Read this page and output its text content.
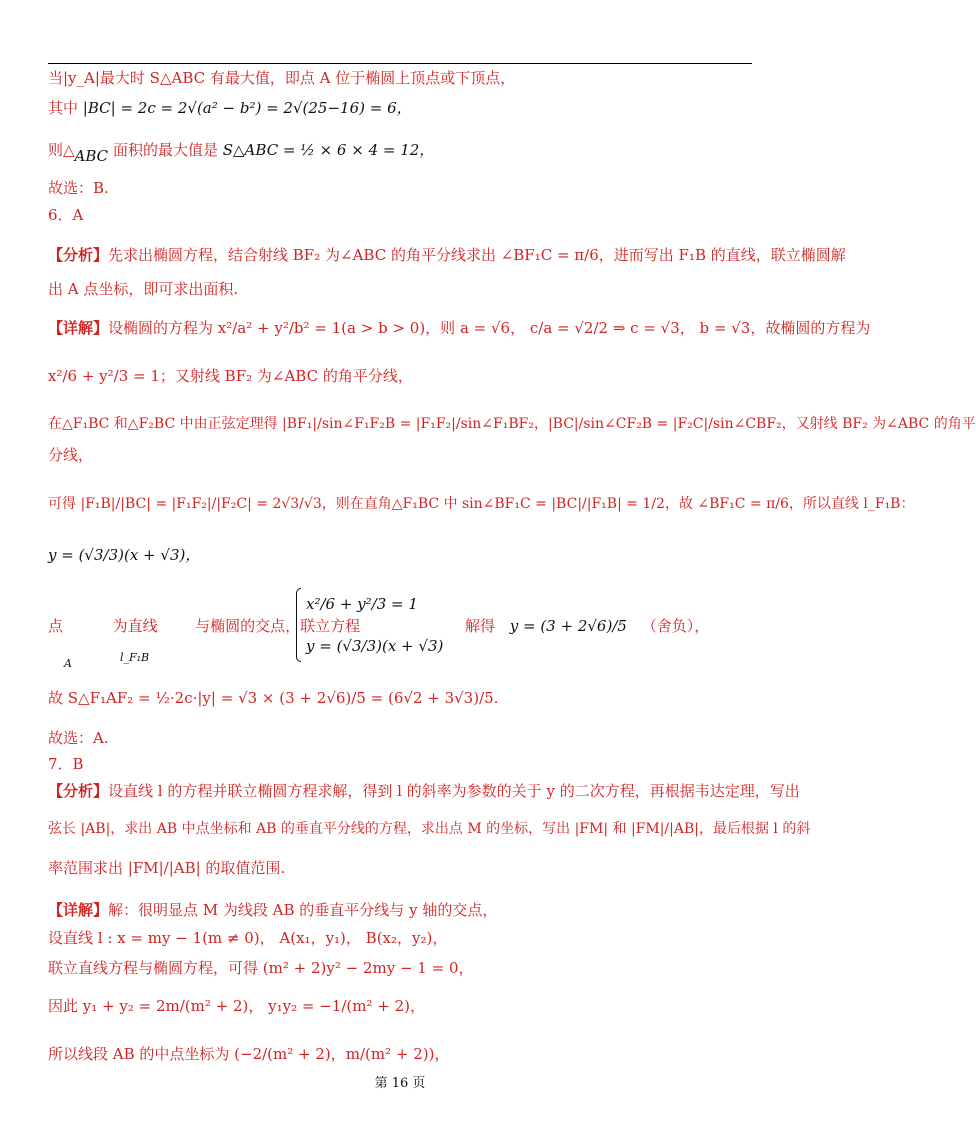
当|y_A|最大时 S△ABC 有最大值，即点 A 位于椭圆上顶点或下顶点，
其中 |BC| = 2c = 2√(a² − b²) = 2√(25−16) = 6，
则△ABC 面积的最大值是 S△ABC = ½ × 6 × 4 = 12，
故选：B.
6．A
【分析】先求出椭圆方程，结合射线 BF₂ 为∠ABC 的角平分线求出 ∠BF₁C = π/6，进而写出 F₁B 的直线，联立椭圆解
出 A 点坐标，即可求出面积.
【详解】设椭圆的方程为 x²/a² + y²/b² = 1(a > b > 0)，则 a = √6， c/a = √2/2 ⇒ c = √3， b = √3，故椭圆的方程为
x²/6 + y²/3 = 1；又射线 BF₂ 为∠ABC 的角平分线，
在△F₁BC 和△F₂BC 中由正弦定理得 |BF₁|/sin∠F₁F₂B = |F₁F₂|/sin∠F₁BF₂，|BC|/sin∠CF₂B = |F₂C|/sin∠CBF₂，又射线 BF₂ 为∠ABC 的角平
分线，
可得 |F₁B|/|BC| = |F₁F₂|/|F₂C| = 2√3/√3，则在直角△F₁BC 中 sin∠BF₁C = |BC|/|F₁B| = 1/2，故 ∠BF₁C = π/6，所以直线 l_F₁B：
y = (√3/3)(x + √3)，
点	为直线	与椭圆的交点，联立方程	解得 y = (3 + 2√6)/5 （舍负），
A	l_F₁B
x²/6 + y²/3 = 1
y = (√3/3)(x + √3)
故 S△F₁AF₂ = ½·2c·|y| = √3 × (3 + 2√6)/5 = (6√2 + 3√3)/5.
故选：A.
7．B
【分析】设直线 l 的方程并联立椭圆方程求解，得到 l 的斜率为参数的关于 y 的二次方程，再根据韦达定理，写出
弦长 |AB|，求出 AB 中点坐标和 AB 的垂直平分线的方程，求出点 M 的坐标，写出 |FM| 和 |FM|/|AB|，最后根据 l 的斜
率范围求出 |FM|/|AB| 的取值范围.
【详解】解：很明显点 M 为线段 AB 的垂直平分线与 y 轴的交点，
设直线 l : x = my − 1(m ≠ 0)， A(x₁，y₁)， B(x₂，y₂)，
联立直线方程与椭圆方程，可得 (m² + 2)y² − 2my − 1 = 0，
因此 y₁ + y₂ = 2m/(m² + 2)， y₁y₂ = −1/(m² + 2)，
所以线段 AB 的中点坐标为 (−2/(m² + 2)，m/(m² + 2))，
第 16 页
